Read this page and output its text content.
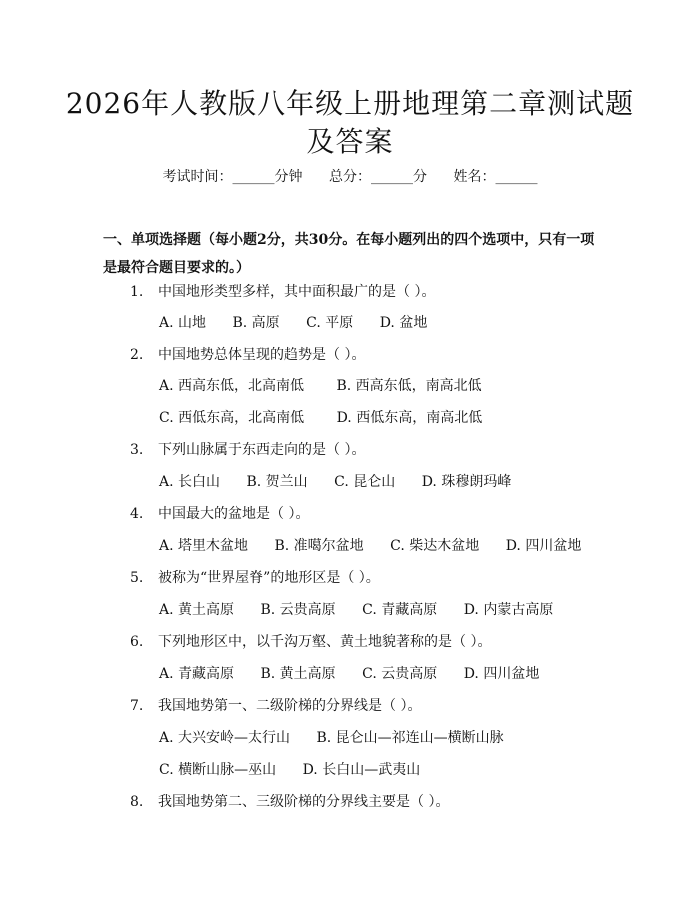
2026年人教版八年级上册地理第二章测试题
及答案
考试时间：______分钟 总分：______分 姓名：______
一、单项选择题（每小题2分，共30分。在每小题列出的四个选项中，只有一项
是最符合题目要求的。）
1. 中国地形类型多样，其中面积最广的是（ ）。
A. 山地 B. 高原 C. 平原 D. 盆地
2. 中国地势总体呈现的趋势是（ ）。
A. 西高东低，北高南低 B. 西高东低，南高北低
C. 西低东高，北高南低 D. 西低东高，南高北低
3. 下列山脉属于东西走向的是（ ）。
A. 长白山 B. 贺兰山 C. 昆仑山 D. 珠穆朗玛峰
4. 中国最大的盆地是（ ）。
A. 塔里木盆地 B. 准噶尔盆地 C. 柴达木盆地 D. 四川盆地
5. 被称为“世界屋脊”的地形区是（ ）。
A. 黄土高原 B. 云贵高原 C. 青藏高原 D. 内蒙古高原
6. 下列地形区中，以千沟万壑、黄土地貌著称的是（ ）。
A. 青藏高原 B. 黄土高原 C. 云贵高原 D. 四川盆地
7. 我国地势第一、二级阶梯的分界线是（ ）。
A. 大兴安岭—太行山 B. 昆仑山—祁连山—横断山脉
C. 横断山脉—巫山 D. 长白山—武夷山
8. 我国地势第二、三级阶梯的分界线主要是（ ）。
